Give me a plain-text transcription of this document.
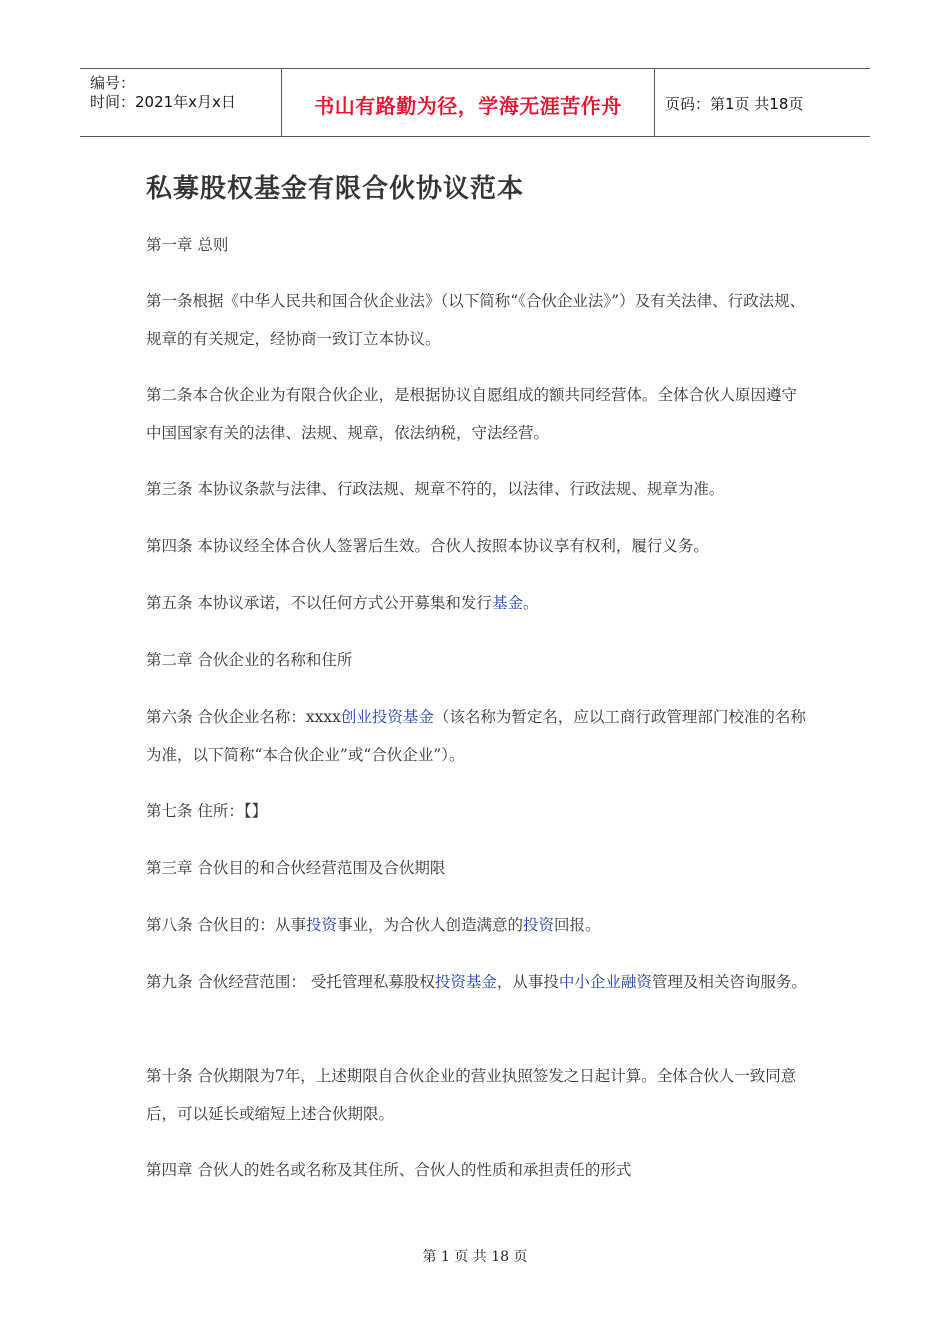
编号：
时间：2021年x月x日	书山有路勤为径，学海无涯苦作舟	页码：第1页 共18页
私募股权基金有限合伙协议范本

第一章 总则

第一条根据《中华人民共和国合伙企业法》（以下简称“《合伙企业法》”）及有关法律、行政法规、规章的有关规定，经协商一致订立本协议。

第二条本合伙企业为有限合伙企业，是根据协议自愿组成的额共同经营体。全体合伙人原因遵守中国国家有关的法律、法规、规章，依法纳税，守法经营。

第三条 本协议条款与法律、行政法规、规章不符的，以法律、行政法规、规章为准。

第四条 本协议经全体合伙人签署后生效。合伙人按照本协议享有权利，履行义务。

第五条 本协议承诺，不以任何方式公开募集和发行基金。

第二章 合伙企业的名称和住所

第六条 合伙企业名称：xxxx创业投资基金（该名称为暂定名，应以工商行政管理部门校准的名称 为准，以下简称“本合伙企业”或“合伙企业”）。

第七条 住所：【】

第三章 合伙目的和合伙经营范围及合伙期限

第八条 合伙目的：从事投资事业，为合伙人创造满意的投资回报。

第九条 合伙经营范围： 受托管理私募股权投资基金，从事投中小企业融资管理及相关咨询服务。

第十条 合伙期限为7年，上述期限自合伙企业的营业执照签发之日起计算。全体合伙人一致同意后，可以延长或缩短上述合伙期限。

第四章 合伙人的姓名或名称及其住所、合伙人的性质和承担责任的形式

第 1 页 共 18 页
